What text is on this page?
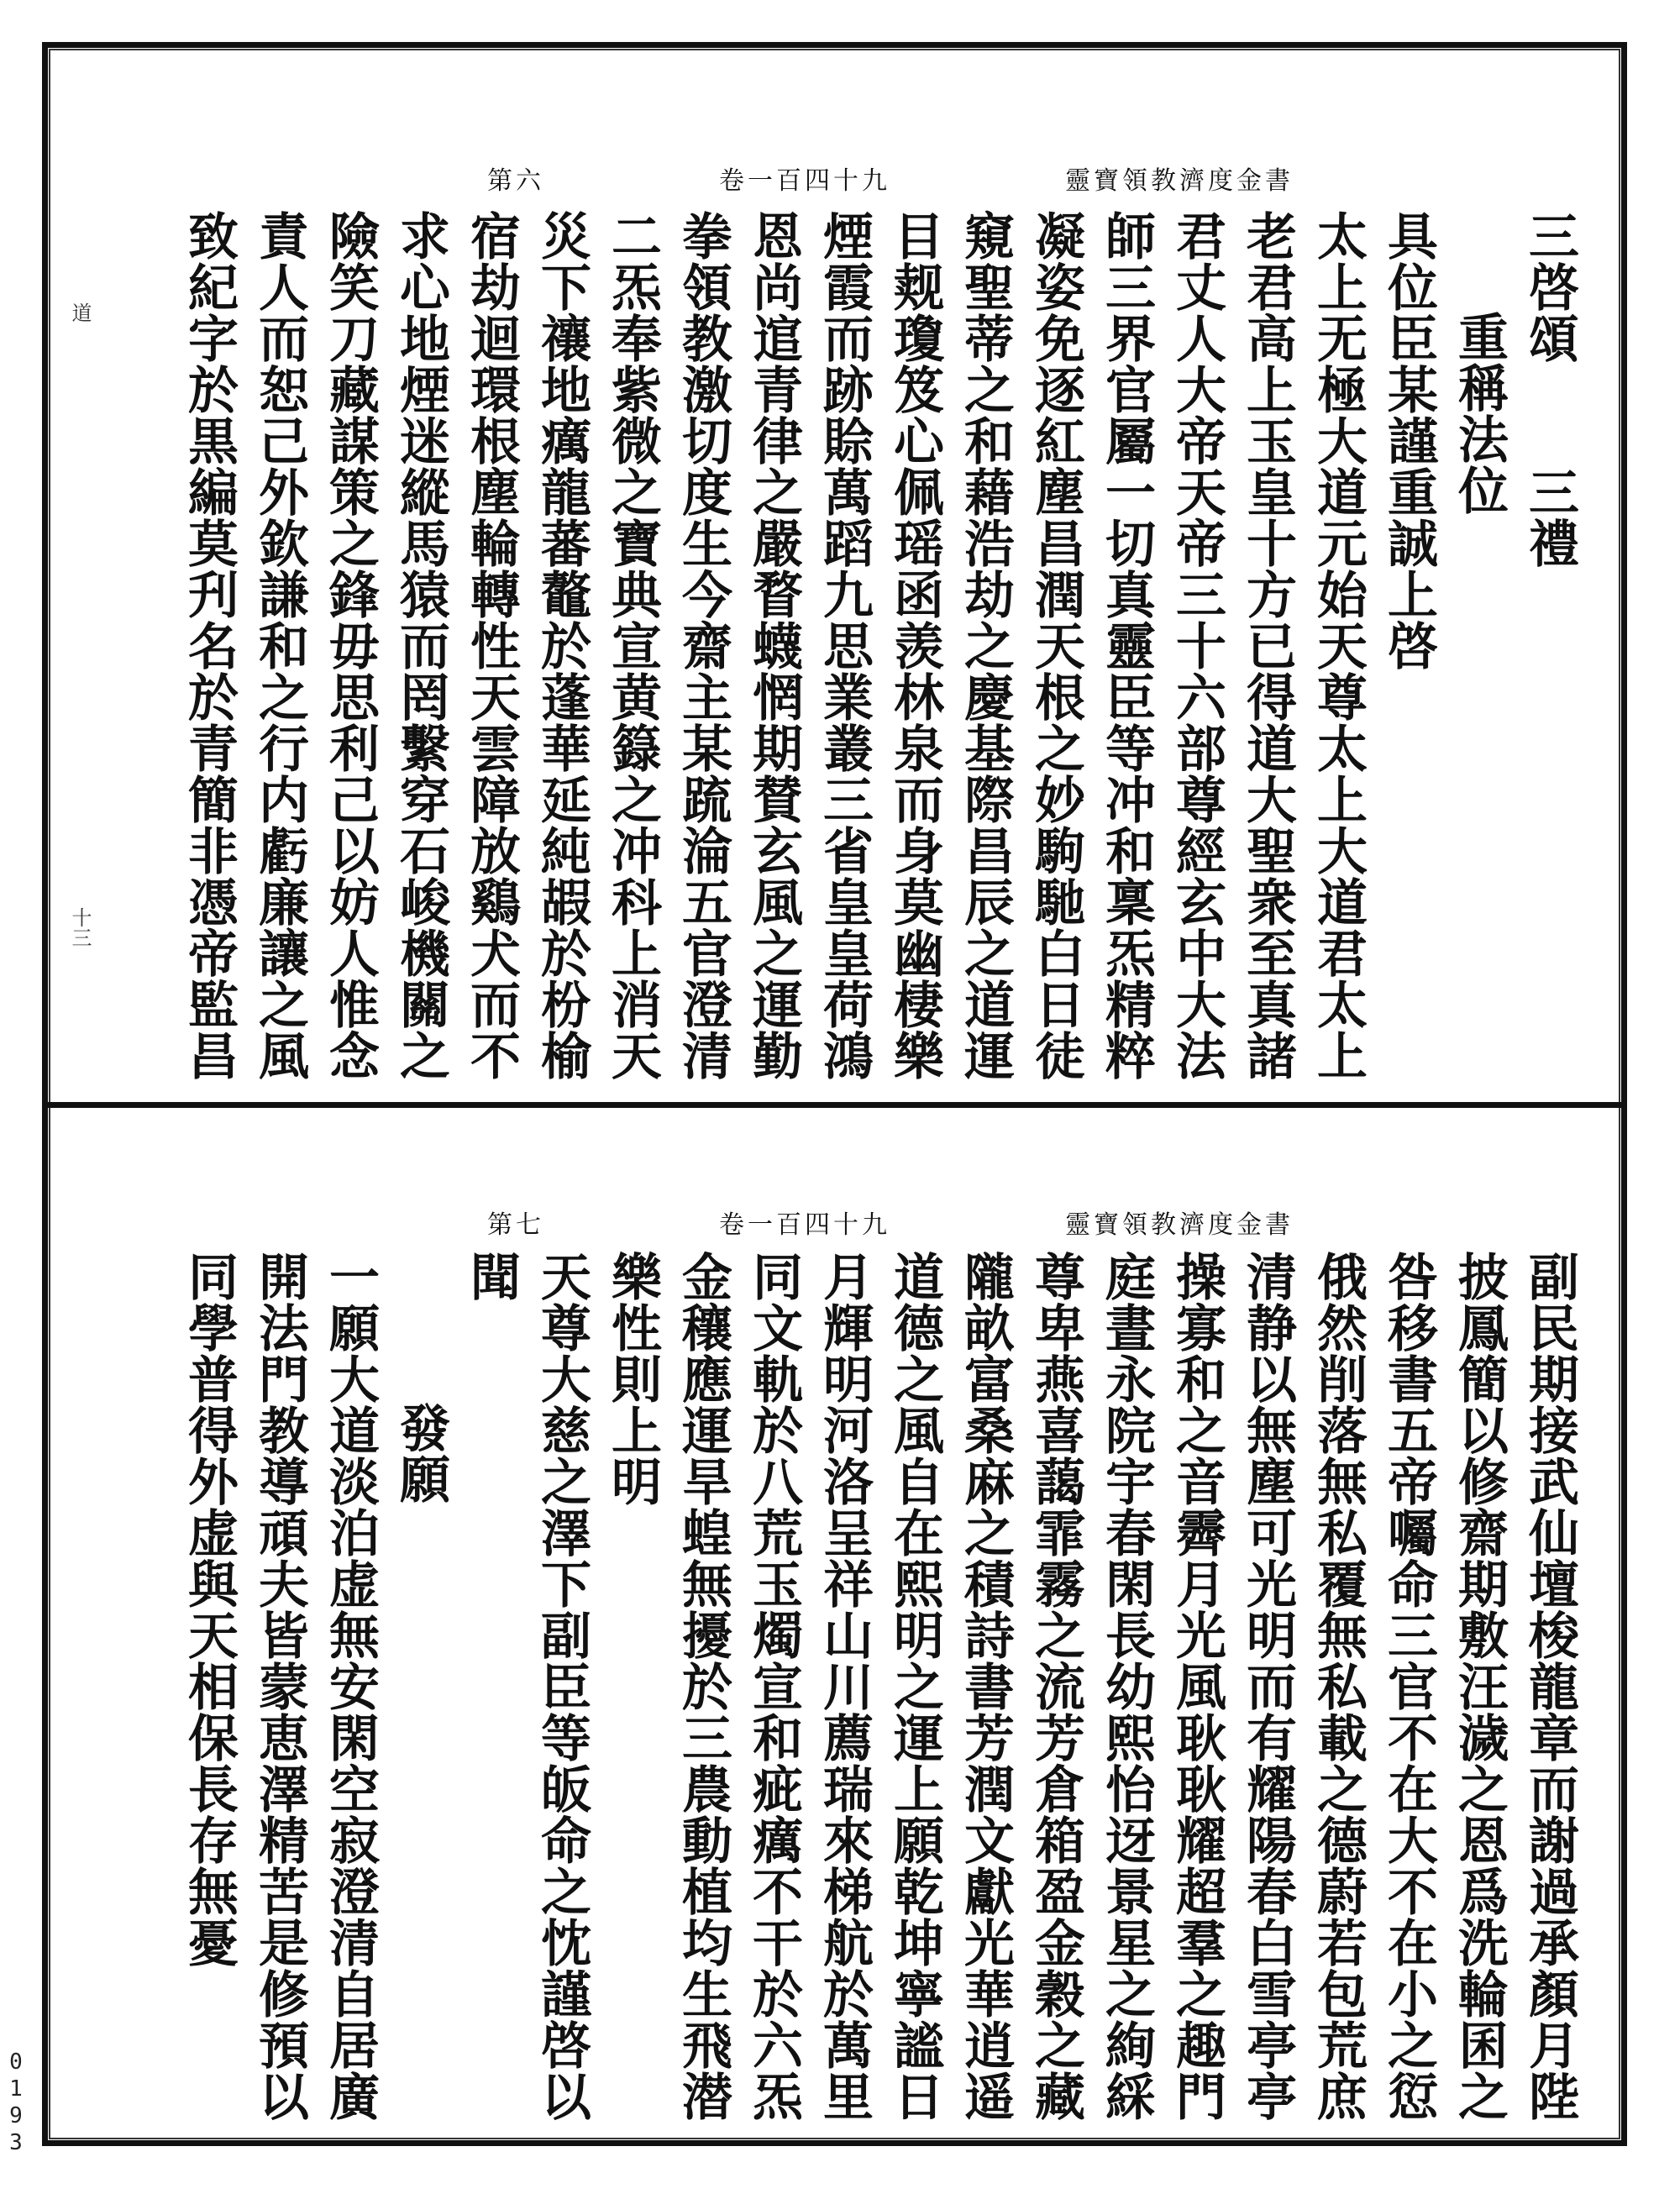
第六	卷一百四十九	靈寶領教濟度金書
三啓頌　　三禮
重稱法位
具位臣某謹重誠上啓
太上无極大道元始天尊太上大道君太上
老君高上玉皇十方已得道大聖衆至真諸
君丈人大帝天帝三十六部尊經玄中大法
師三界官屬一切真靈臣等冲和稟炁精粹
凝姿免逐紅塵昌潤天根之妙駒馳白日徒
窺聖蒂之和藉浩劫之慶基際昌辰之道運
目觌瓊笈心佩瑶函羡林泉而身莫幽棲樂
煙霞而跡賒萬蹈九思業叢三省皇皇荷鴻
恩尚逭青律之嚴瞀蠛惘期賛玄風之運勤
拳領教激切度生今齋主某䟽淪五官澄清
二炁奉紫微之寶典宣黄籙之冲科上消天
災下禳地癘龍蕃鼇於蓬華延純嘏於枌榆
宿劫迴環根塵輪轉性天雲障放鷄犬而不
求心地煙迷縱馬猿而罔繫穿石峻機關之
險笑刀藏謀策之鋒毋思利己以妨人惟念
責人而恕己外欽謙和之行内虧廉讓之風
致紀字於黒編莫刋名於青簡非憑帝監昌
道
十三
第七	卷一百四十九	靈寶領教濟度金書
副民期接武仙壇梭龍章而謝過承顏月陛
披鳳簡以修齋期敷汪濊之恩爲洗輪囷之
咎移書五帝囑命三官不在大不在小之愆
俄然削落無私覆無私載之德蔚若包荒庶
清静以無塵可光明而有耀陽春白雪亭亭
操寡和之音霽月光風耿耿耀超羣之趣門
庭晝永院宇春閑長幼熙怡迓景星之絢綵
尊卑燕喜藹霏霧之流芳倉箱盈金穀之藏
隴畝富桑麻之積詩書芳潤文獻光華逍遥
道德之風自在熙明之運上願乾坤寧謐日
月輝明河洛呈祥山川薦瑞來梯航於萬里
同文軌於八荒玉燭宣和疵癘不干於六炁
金穰應運旱蝗無擾於三農動植均生飛潜
樂性則上明
天尊大慈之澤下副臣等皈命之忱謹啓以
聞
發願
一願大道淡泊虚無安閑空寂澄清自居廣
開法門教導頑夫皆蒙恵澤精苦是修預以
同學普得外虚與天相保長存無憂
0193
